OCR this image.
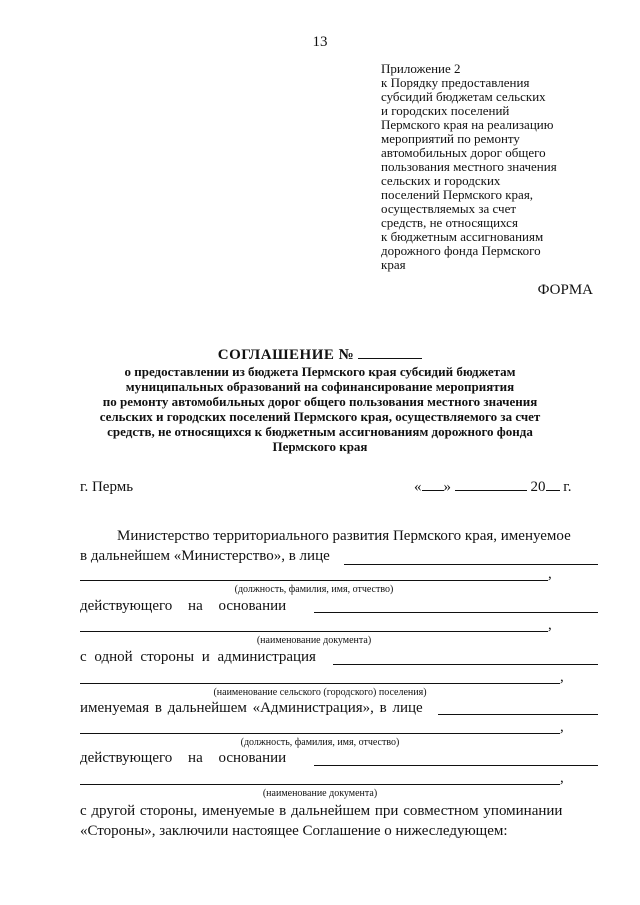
13
Приложение 2
к Порядку предоставления
субсидий бюджетам сельских
и городских поселений
Пермского края на реализацию
мероприятий по ремонту
автомобильных дорог общего
пользования местного значения
сельских и городских
поселений Пермского края,
осуществляемых за счет
средств, не относящихся
к бюджетным ассигнованиям
дорожного фонда Пермского
края
ФОРМА
СОГЛАШЕНИЕ №
о предоставлении из бюджета Пермского края субсидий бюджетам
муниципальных образований на софинансирование мероприятия
по ремонту автомобильных дорог общего пользования местного значения
сельских и городских поселений Пермского края, осуществляемого за счет
средств, не относящихся к бюджетным ассигнованиям дорожного фонда
Пермского края
г. Пермь	« »	20 г.
Министерство территориального развития Пермского края, именуемое
в дальнейшем «Министерство», в лице
,
(должность, фамилия, имя, отчество)
действующего на основании
,
(наименование документа)
с одной стороны и администрация
,
(наименование сельского (городского) поселения)
именуемая в дальнейшем «Администрация», в лице
,
(должность, фамилия, имя, отчество)
действующего на основании
,
(наименование документа)
с другой стороны, именуемые в дальнейшем при совместном упоминании
«Стороны», заключили настоящее Соглашение о нижеследующем:
